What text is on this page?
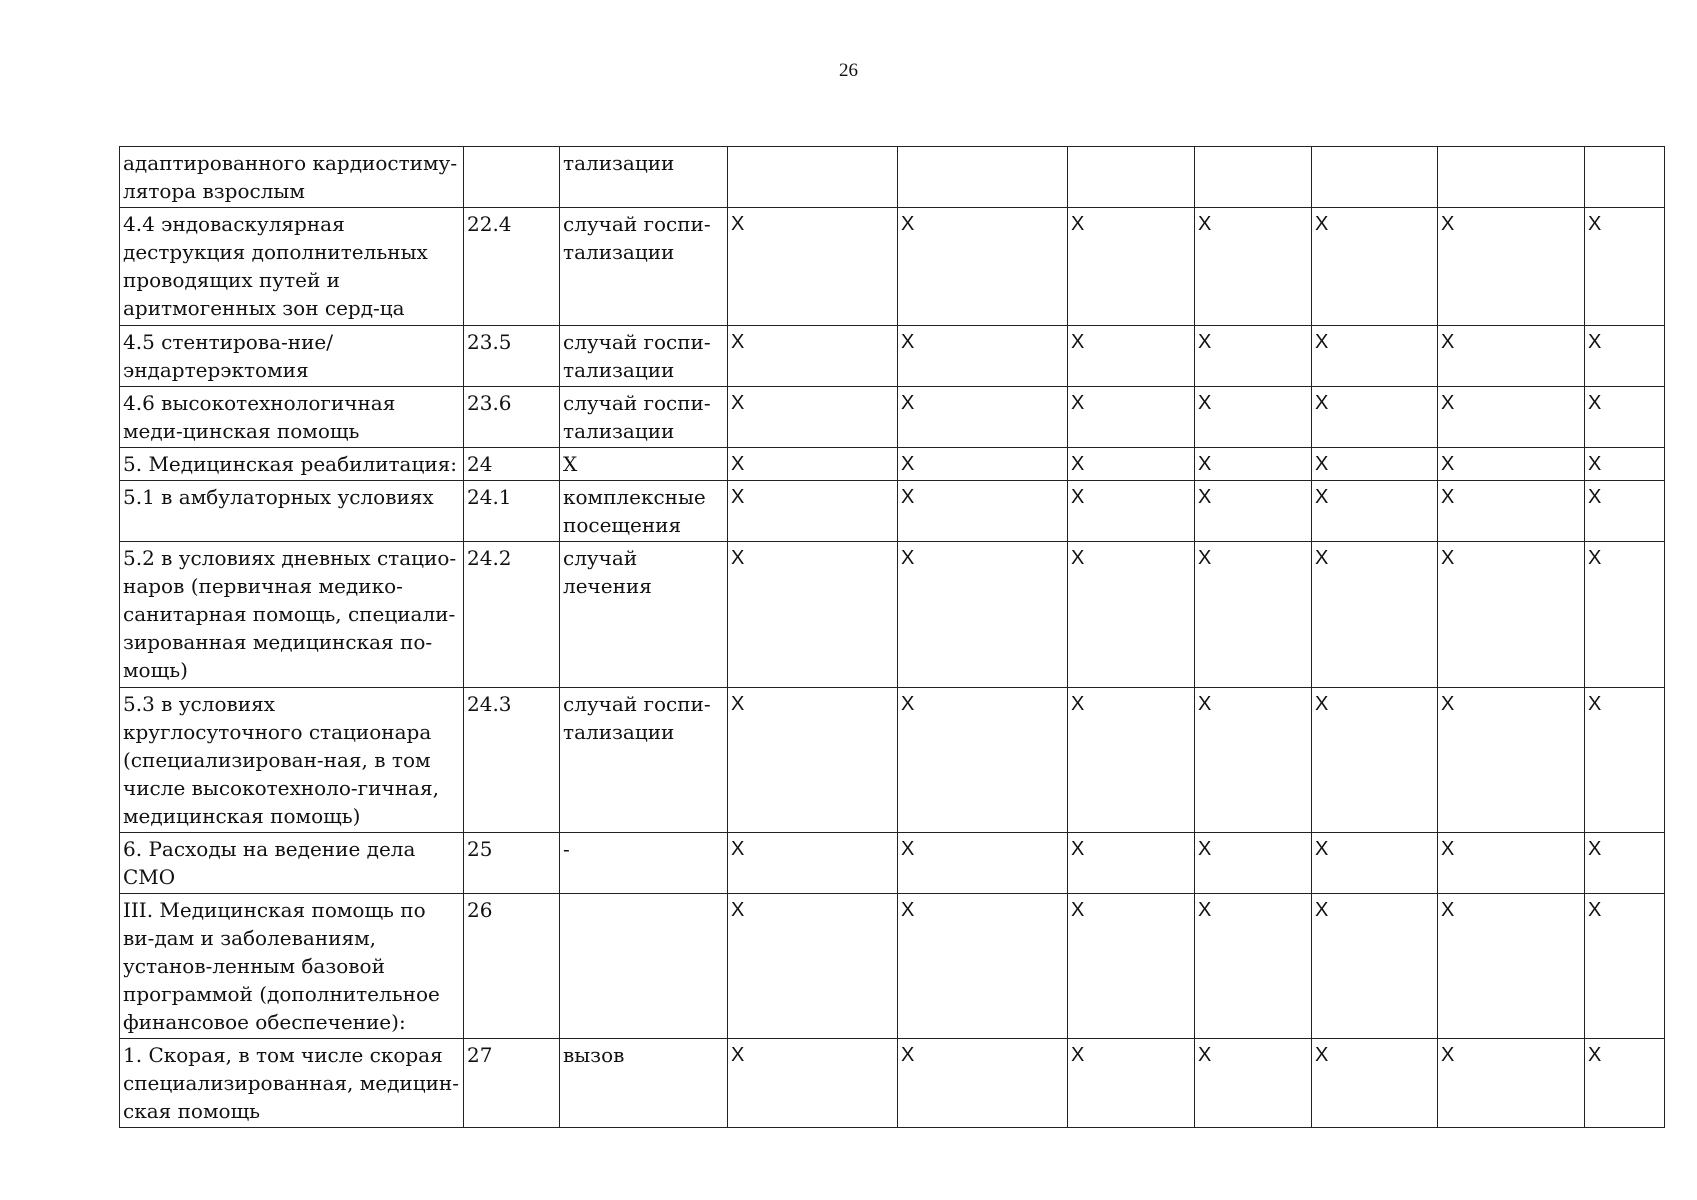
26
адаптированного кардиостиму-лятора взрослым		тализации							
4.4 эндоваскулярная деструкция дополнительных проводящих путей и аритмогенных зон серд-ца	22.4	случай госпи-тализации	X	X	X	X	X	X	X
4.5 стентирова-ние/эндартерэктомия	23.5	случай госпи-тализации	X	X	X	X	X	X	X
4.6 высокотехнологичная меди-цинская помощь	23.6	случай госпи-тализации	X	X	X	X	X	X	X
5. Медицинская реабилитация:	24	X	X	X	X	X	X	X	X
5.1 в амбулаторных условиях	24.1	комплексные посещения	X	X	X	X	X	X	X
5.2 в условиях дневных стацио-наров (первичная медико-санитарная помощь, специали-зированная медицинская по-мощь)	24.2	случай лечения	X	X	X	X	X	X	X
5.3 в условиях круглосуточного стационара (специализирован-ная, в том числе высокотехноло-гичная, медицинская помощь)	24.3	случай госпи-тализации	X	X	X	X	X	X	X
6. Расходы на ведение дела СМО	25	-	X	X	X	X	X	X	X
III. Медицинская помощь по ви-дам и заболеваниям, установ-ленным базовой программой (дополнительное финансовое обеспечение):	26		X	X	X	X	X	X	X
1. Скорая, в том числе скорая специализированная, медицин-ская помощь	27	вызов	X	X	X	X	X	X	X
